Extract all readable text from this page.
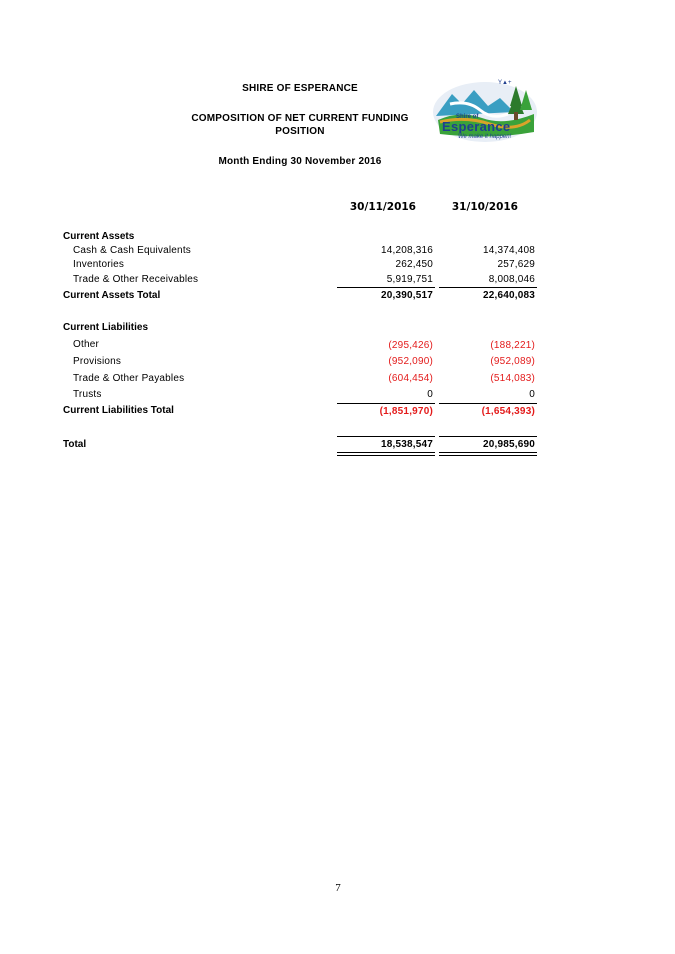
SHIRE OF ESPERANCE
COMPOSITION OF NET CURRENT FUNDING
POSITION
Month Ending 30 November 2016
Y▲+
Shire of
Esperance
We make it happen!
30/11/2016	31/10/2016
Current Assets
Cash & Cash Equivalents	14,208,316	14,374,408
Inventories	262,450	257,629
Trade & Other Receivables	5,919,751	8,008,046
Current Assets Total	20,390,517	22,640,083
Current Liabilities
Other	(295,426)	(188,221)
Provisions	(952,090)	(952,089)
Trade & Other Payables	(604,454)	(514,083)
Trusts	0	0
Current Liabilities Total	(1,851,970)	(1,654,393)
Total	18,538,547	20,985,690
7
